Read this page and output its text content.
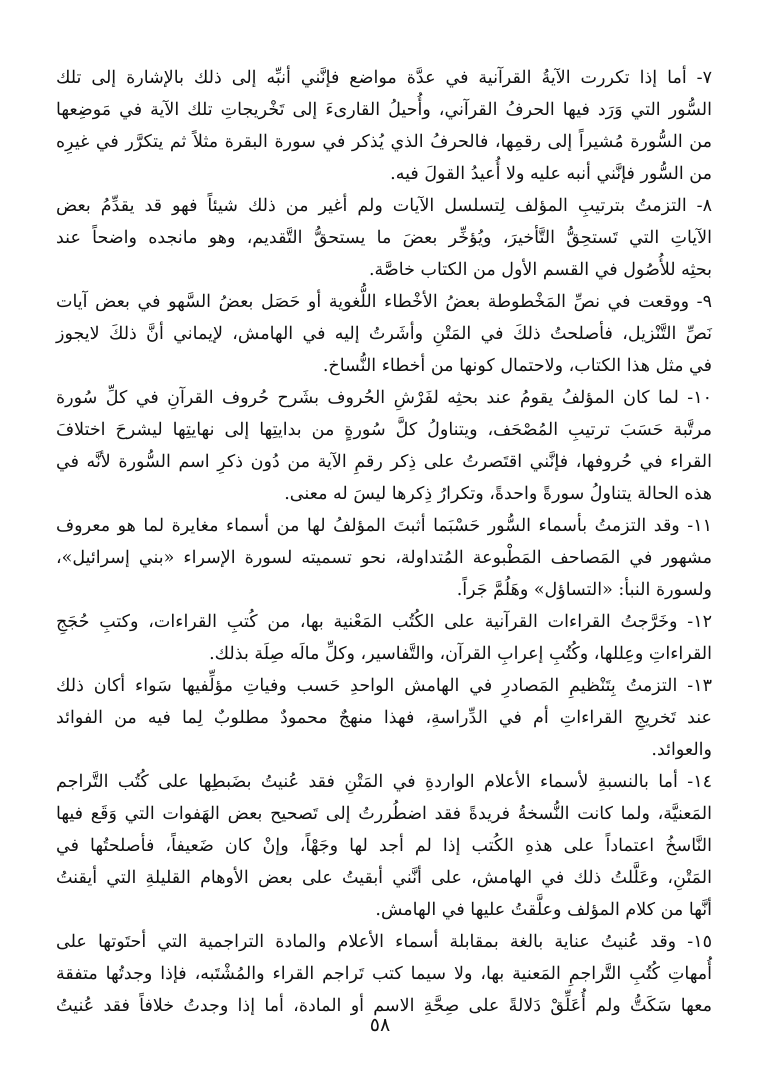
٧- أما إذا تكررت الآيةُ القرآنية في عدَّة مواضع فإنَّني أنبِّه إلى ذلك بالإشارة إلى تلك
السُّور التي وَرَد فيها الحرفُ القرآني، وأُحيلُ القارىءَ إلى تَخْريجاتِ تلك الآية في مَوضِعها
من السُّورة مُشيراً إلى رقمِها، فالحرفُ الذي يُذكر في سورة البقرة مثلاً ثم يتكرَّر في غيرِه
من السُّور فإنَّني أنبه عليه ولا أُعيدُ القولَ فيه.
٨- التزمتُ بترتيبِ المؤلف لِتسلسل الآيات ولم أغير من ذلك شيئاً فهو قد يقدِّمُ بعض
الآياتِ التي تَستحِقُّ التَّأخيرَ، ويُؤخِّر بعضَ ما يستحقُّ التَّقديم، وهو مانجده واضحاً عند
بحثِه للأُصُول في القسم الأول من الكتاب خاصَّة.
٩- ووقعت في نصِّ المَخْطوطة بعضُ الأخْطاء اللُّغوية أو حَصَل بعضُ السَّهو في بعض آيات
نَصِّ التَّنْزيل، فأصلحتُ ذلكَ في المَتْنِ وأشَرتُ إليه في الهامش، لإيماني أنَّ ذلكَ لايجوز
في مثل هذا الكتاب، ولاحتمال كونها من أخطاء النُّساخ.
١٠- لما كان المؤلفُ يقومُ عند بحثِه لفَرْشِ الحُروف بشَرح حُروف القرآنِ في كلِّ سُورة
مرتَّبة حَسَبَ ترتيبِ المُصْحَف، ويتناولُ كلَّ سُورةٍ من بدايتِها إلى نهايتِها ليشرحَ اختلافَ
القراء في حُروفها، فإنَّني اقتَصرتُ على ذِكر رقمِ الآية من دُون ذكرِ اسم السُّورة لأنَّه في
هذه الحالة يتناولُ سورةً واحدةً، وتكرارُ ذِكرها ليسَ له معنى.
١١- وقد التزمتُ بأسماء السُّور حَسْبَما أثبتَ المؤلفُ لها من أسماء مغايرة لما هو معروف
مشهور في المَصاحف المَطْبوعة المُتداولة، نحو تسميته لسورة الإسراء «بني إسرائيل»،
ولسورة النبأ: «التساؤل» وهَلُمَّ جَراً.
١٢- وخَرَّجتُ القراءات القرآنية على الكُتُب المَعْنية بها، من كُتبِ القراءات، وكتبِ حُجَجِ
القراءاتِ وعِللها، وكُتُبِ إعرابِ القرآن، والتَّفاسير، وكلِّ مالَه صِلَة بذلك.
١٣- التزمتُ بِتَنْظيمِ المَصادرِ في الهامش الواحدِ حَسب وفياتِ مؤلِّفيها سَواء أكان ذلك
عند تَخريجِ القراءاتِ أم في الدِّراسةِ، فهذا منهجٌ محمودٌ مطلوبٌ لِما فيه من الفوائد
والعوائد.
١٤- أما بالنسبةِ لأسماء الأعلام الواردةِ في المَتْنِ فقد عُنيتُ بضَبطِها على كُتُب التَّراجم
المَعنيَّة، ولما كانت النُّسخةُ فريدةً فقد اضطُررتُ إلى تَصحيح بعض الهَفوات التي وَقَع فيها
النَّاسخُ اعتماداً على هذهِ الكُتب إذا لم أجد لها وجَهْاً، وإنْ كان ضَعيفاً، فأصلحتُها في
المَتْنِ، وعَلَّلتُ ذلك في الهامش، على أنَّني أبقيتُ على بعض الأوهام القليلةِ التي أيقنتُ
أنَّها من كلام المؤلف وعلَّقتُ عليها في الهامش.
١٥- وقد عُنيتُ عناية بالغة بمقابلة أسماء الأعلام والمادة التراجمية التي أحتَوتها على
أُمهاتِ كُتُبِ التَّراجمِ المَعنية بها، ولا سيما كتب تَراجم القراء والمُشْتَبه، فإذا وجدتُها متفقة
معها سَكَتُّ ولم أُعَلِّقْ دَلالةً على صِحَّةِ الاسم أو المادة، أما إذا وجدتُ خلافاً فقد عُنيتُ
٥٨
